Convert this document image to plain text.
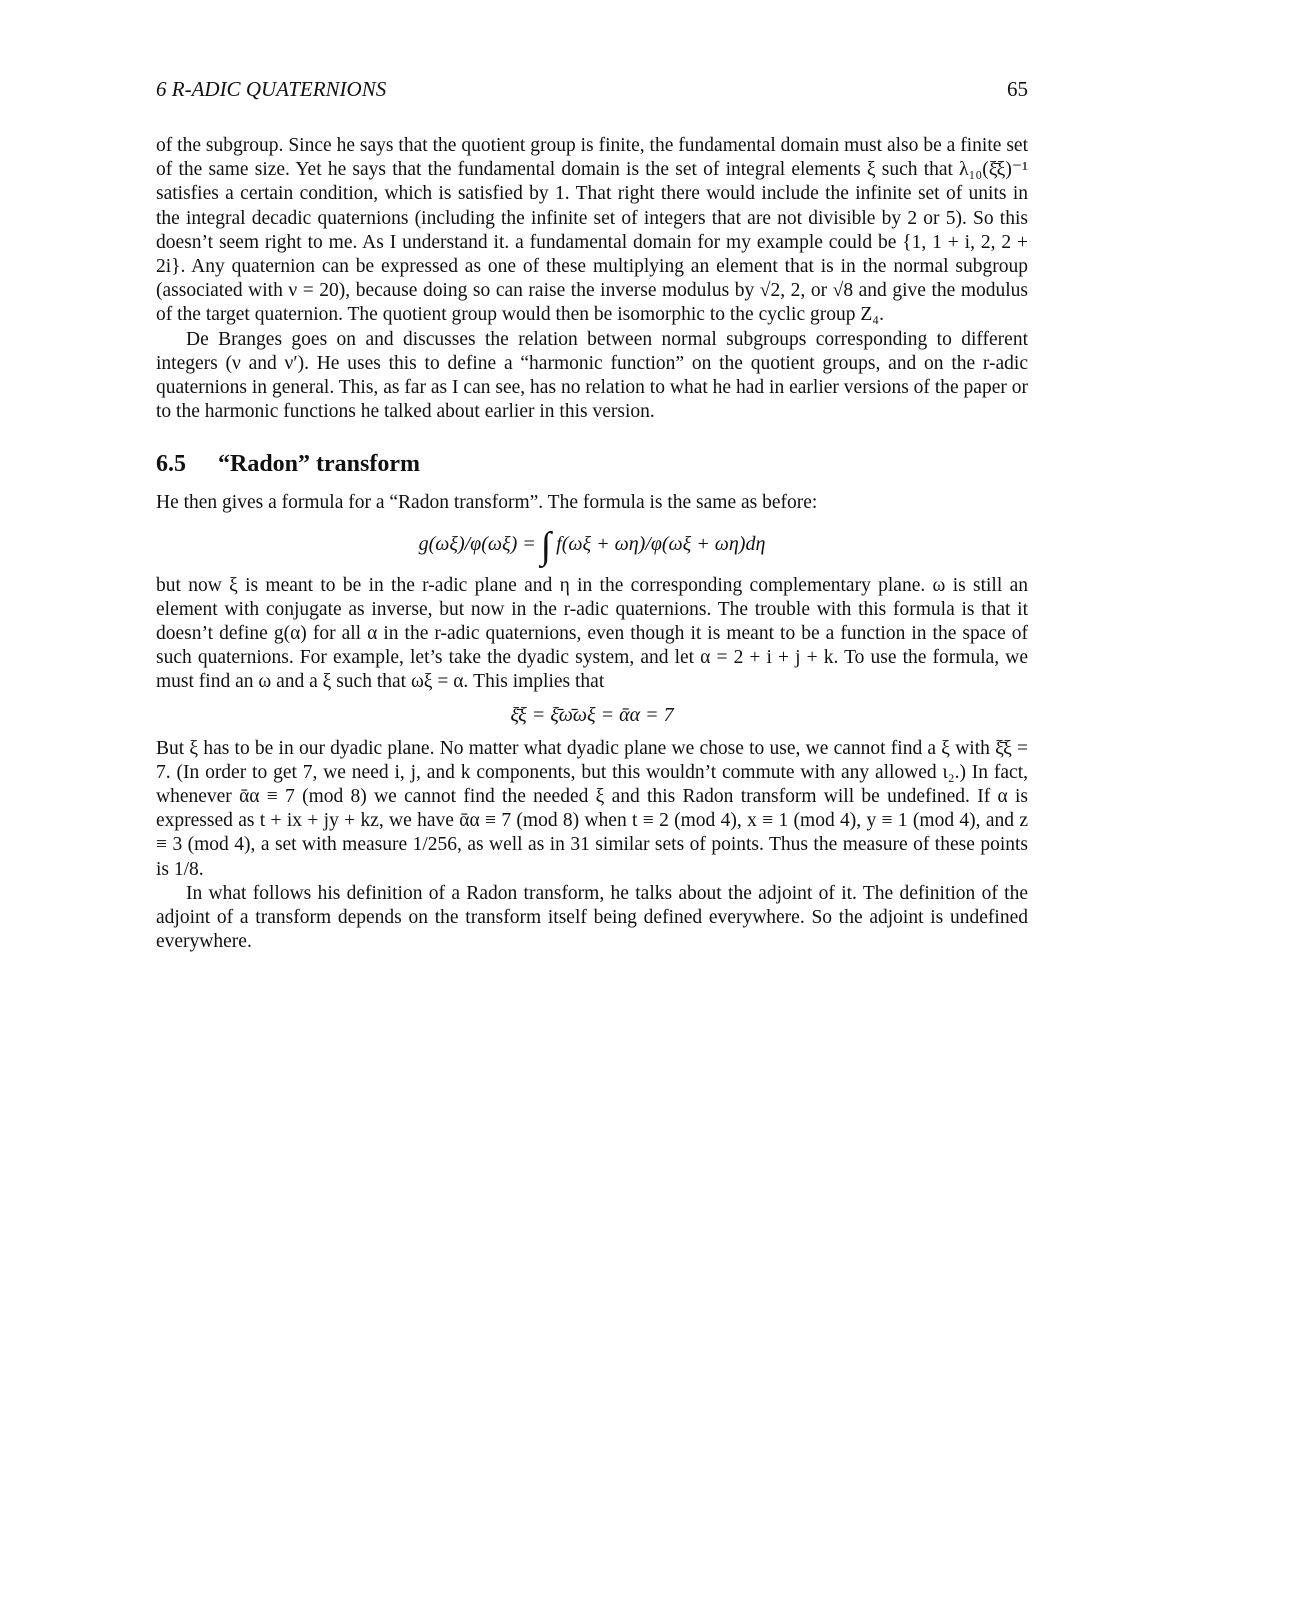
6 R-ADIC QUATERNIONS	65

of the subgroup. Since he says that the quotient group is finite, the fundamental domain must also be a finite set of the same size. Yet he says that the fundamental domain is the set of integral elements ξ such that λ₁₀(ξ̄ξ)⁻¹ satisfies a certain condition, which is satisfied by 1. That right there would include the infinite set of units in the integral decadic quaternions (including the infinite set of integers that are not divisible by 2 or 5). So this doesn’t seem right to me. As I understand it. a fundamental domain for my example could be {1, 1 + i, 2, 2 + 2i}. Any quaternion can be expressed as one of these multiplying an element that is in the normal subgroup (associated with ν = 20), because doing so can raise the inverse modulus by √2, 2, or √8 and give the modulus of the target quaternion. The quotient group would then be isomorphic to the cyclic group Z₄.

De Branges goes on and discusses the relation between normal subgroups corresponding to different integers (ν and ν′). He uses this to define a “harmonic function” on the quotient groups, and on the r-adic quaternions in general. This, as far as I can see, has no relation to what he had in earlier versions of the paper or to the harmonic functions he talked about earlier in this version.

6.5	“Radon” transform

He then gives a formula for a “Radon transform”. The formula is the same as before:

g(ωξ)/φ(ωξ) = ∫ f(ωξ + ωη)/φ(ωξ + ωη)dη

but now ξ is meant to be in the r-adic plane and η in the corresponding complementary plane. ω is still an element with conjugate as inverse, but now in the r-adic quaternions. The trouble with this formula is that it doesn’t define g(α) for all α in the r-adic quaternions, even though it is meant to be a function in the space of such quaternions. For example, let’s take the dyadic system, and let α = 2 + i + j + k. To use the formula, we must find an ω and a ξ such that ωξ = α. This implies that

ξ̄ξ = ξ̄ω̄ωξ = ᾱα = 7

But ξ has to be in our dyadic plane. No matter what dyadic plane we chose to use, we cannot find a ξ with ξ̄ξ = 7. (In order to get 7, we need i, j, and k components, but this wouldn’t commute with any allowed ι₂.) In fact, whenever ᾱα ≡ 7 (mod 8) we cannot find the needed ξ and this Radon transform will be undefined. If α is expressed as t + ix + jy + kz, we have ᾱα ≡ 7 (mod 8) when t ≡ 2 (mod 4), x ≡ 1 (mod 4), y ≡ 1 (mod 4), and z ≡ 3 (mod 4), a set with measure 1/256, as well as in 31 similar sets of points. Thus the measure of these points is 1/8.

In what follows his definition of a Radon transform, he talks about the adjoint of it. The definition of the adjoint of a transform depends on the transform itself being defined everywhere. So the adjoint is undefined everywhere.
